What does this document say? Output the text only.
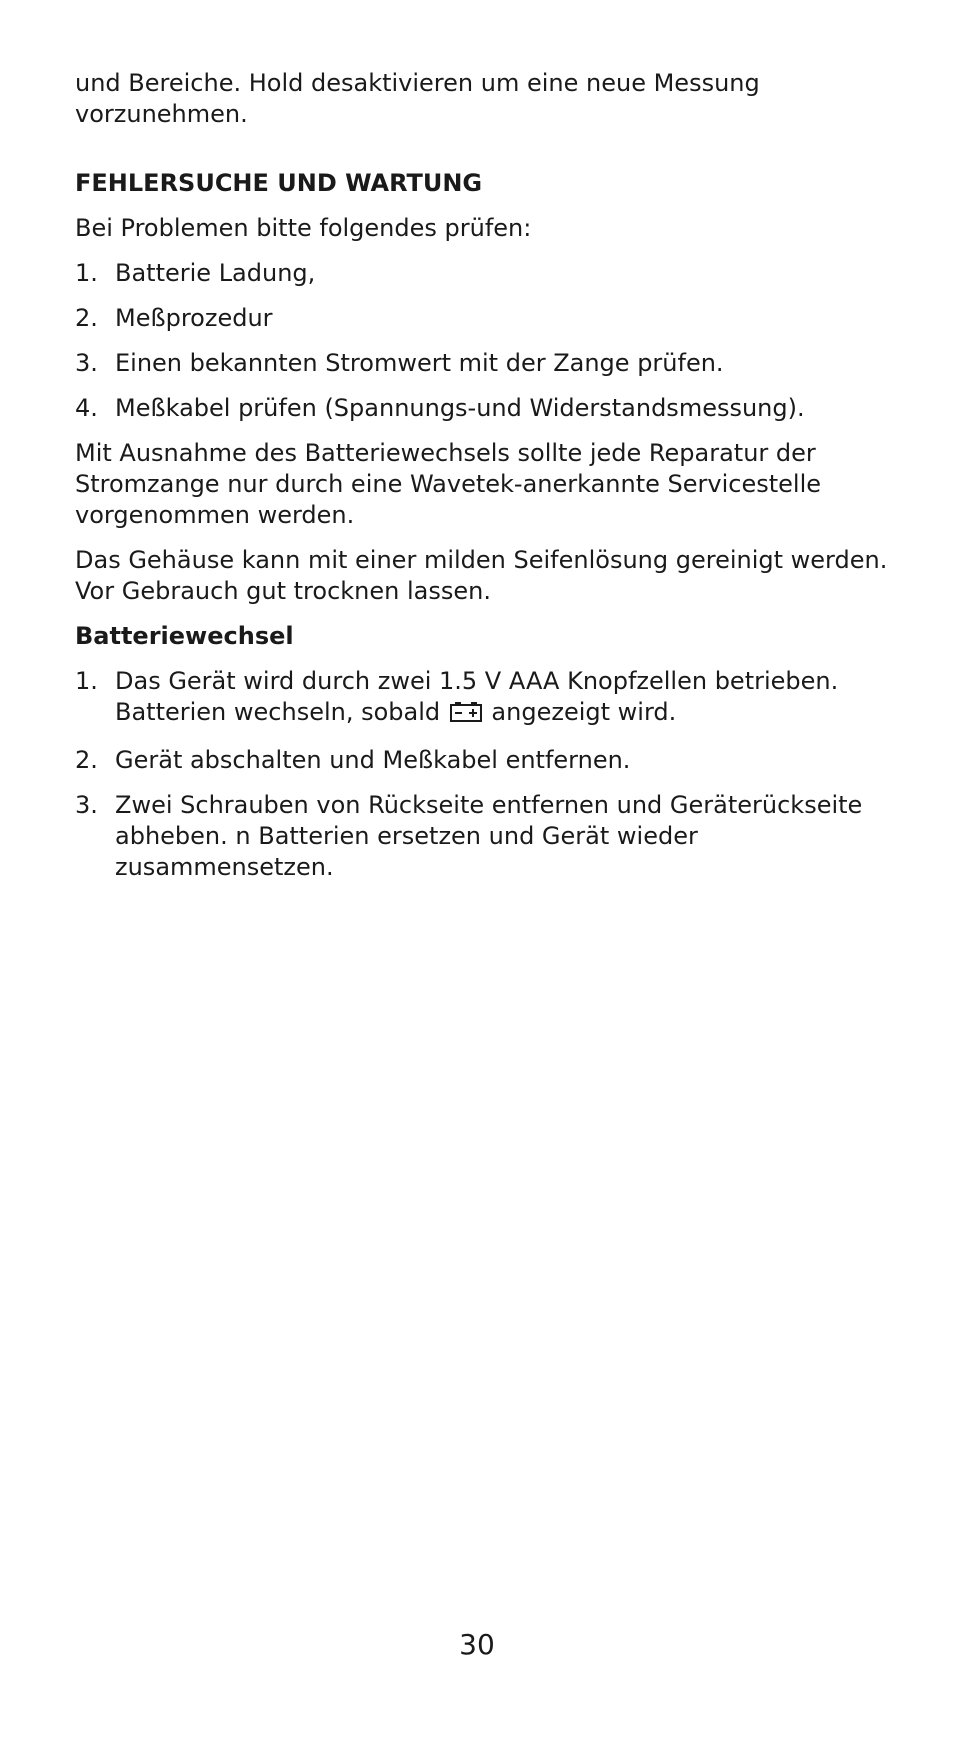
und Bereiche. Hold desaktivieren um eine neue Messung vorzunehmen.

FEHLERSUCHE UND WARTUNG

Bei Problemen bitte folgendes prüfen:

1. Batterie Ladung,
2. Meßprozedur
3. Einen bekannten Stromwert mit der Zange prüfen.
4. Meßkabel prüfen (Spannungs-und Widerstandsmessung).

Mit Ausnahme des Batteriewechsels sollte jede Reparatur der Stromzange nur durch eine Wavetek-anerkannte Servicestelle vorgenommen werden.

Das Gehäuse kann mit einer milden Seifenlösung gereinigt werden. Vor Gebrauch gut trocknen lassen.

Batteriewechsel
1. Das Gerät wird durch zwei 1.5 V AAA Knopfzellen betrieben. Batterien wechseln, sobald angezeigt wird.
2. Gerät abschalten und Meßkabel entfernen.
3. Zwei Schrauben von Rückseite entfernen und Geräterückseite abheben. n Batterien ersetzen und Gerät wieder zusammensetzen.
30
